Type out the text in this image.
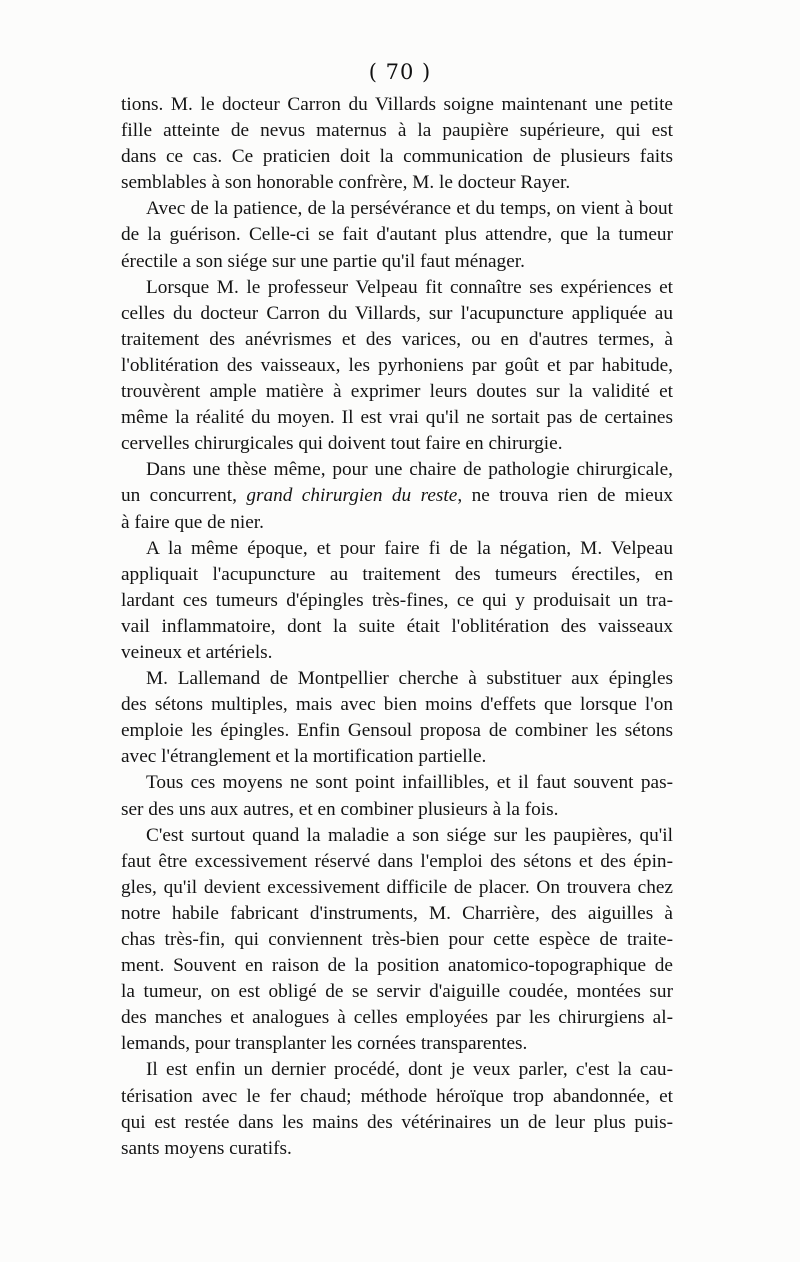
( 70 )
tions. M. le docteur Carron du Villards soigne maintenant une petite
fille atteinte de nevus maternus à la paupière supérieure, qui est
dans ce cas. Ce praticien doit la communication de plusieurs faits
semblables à son honorable confrère, M. le docteur Rayer.
Avec de la patience, de la persévérance et du temps, on vient à bout
de la guérison. Celle-ci se fait d'autant plus attendre, que la tumeur
érectile a son siége sur une partie qu'il faut ménager.
Lorsque M. le professeur Velpeau fit connaître ses expériences et
celles du docteur Carron du Villards, sur l'acupuncture appliquée au
traitement des anévrismes et des varices, ou en d'autres termes, à
l'oblitération des vaisseaux, les pyrhoniens par goût et par habitude,
trouvèrent ample matière à exprimer leurs doutes sur la validité et
même la réalité du moyen. Il est vrai qu'il ne sortait pas de certaines
cervelles chirurgicales qui doivent tout faire en chirurgie.
Dans une thèse même, pour une chaire de pathologie chirurgicale,
un concurrent, grand chirurgien du reste, ne trouva rien de mieux
à faire que de nier.
A la même époque, et pour faire fi de la négation, M. Velpeau
appliquait l'acupuncture au traitement des tumeurs érectiles, en
lardant ces tumeurs d'épingles très-fines, ce qui y produisait un tra-
vail inflammatoire, dont la suite était l'oblitération des vaisseaux
veineux et artériels.
M. Lallemand de Montpellier cherche à substituer aux épingles
des sétons multiples, mais avec bien moins d'effets que lorsque l'on
emploie les épingles. Enfin Gensoul proposa de combiner les sétons
avec l'étranglement et la mortification partielle.
Tous ces moyens ne sont point infaillibles, et il faut souvent pas-
ser des uns aux autres, et en combiner plusieurs à la fois.
C'est surtout quand la maladie a son siége sur les paupières, qu'il
faut être excessivement réservé dans l'emploi des sétons et des épin-
gles, qu'il devient excessivement difficile de placer. On trouvera chez
notre habile fabricant d'instruments, M. Charrière, des aiguilles à
chas très-fin, qui conviennent très-bien pour cette espèce de traite-
ment. Souvent en raison de la position anatomico-topographique de
la tumeur, on est obligé de se servir d'aiguille coudée, montées sur
des manches et analogues à celles employées par les chirurgiens al-
lemands, pour transplanter les cornées transparentes.
Il est enfin un dernier procédé, dont je veux parler, c'est la cau-
térisation avec le fer chaud; méthode héroïque trop abandonnée, et
qui est restée dans les mains des vétérinaires un de leur plus puis-
sants moyens curatifs.
